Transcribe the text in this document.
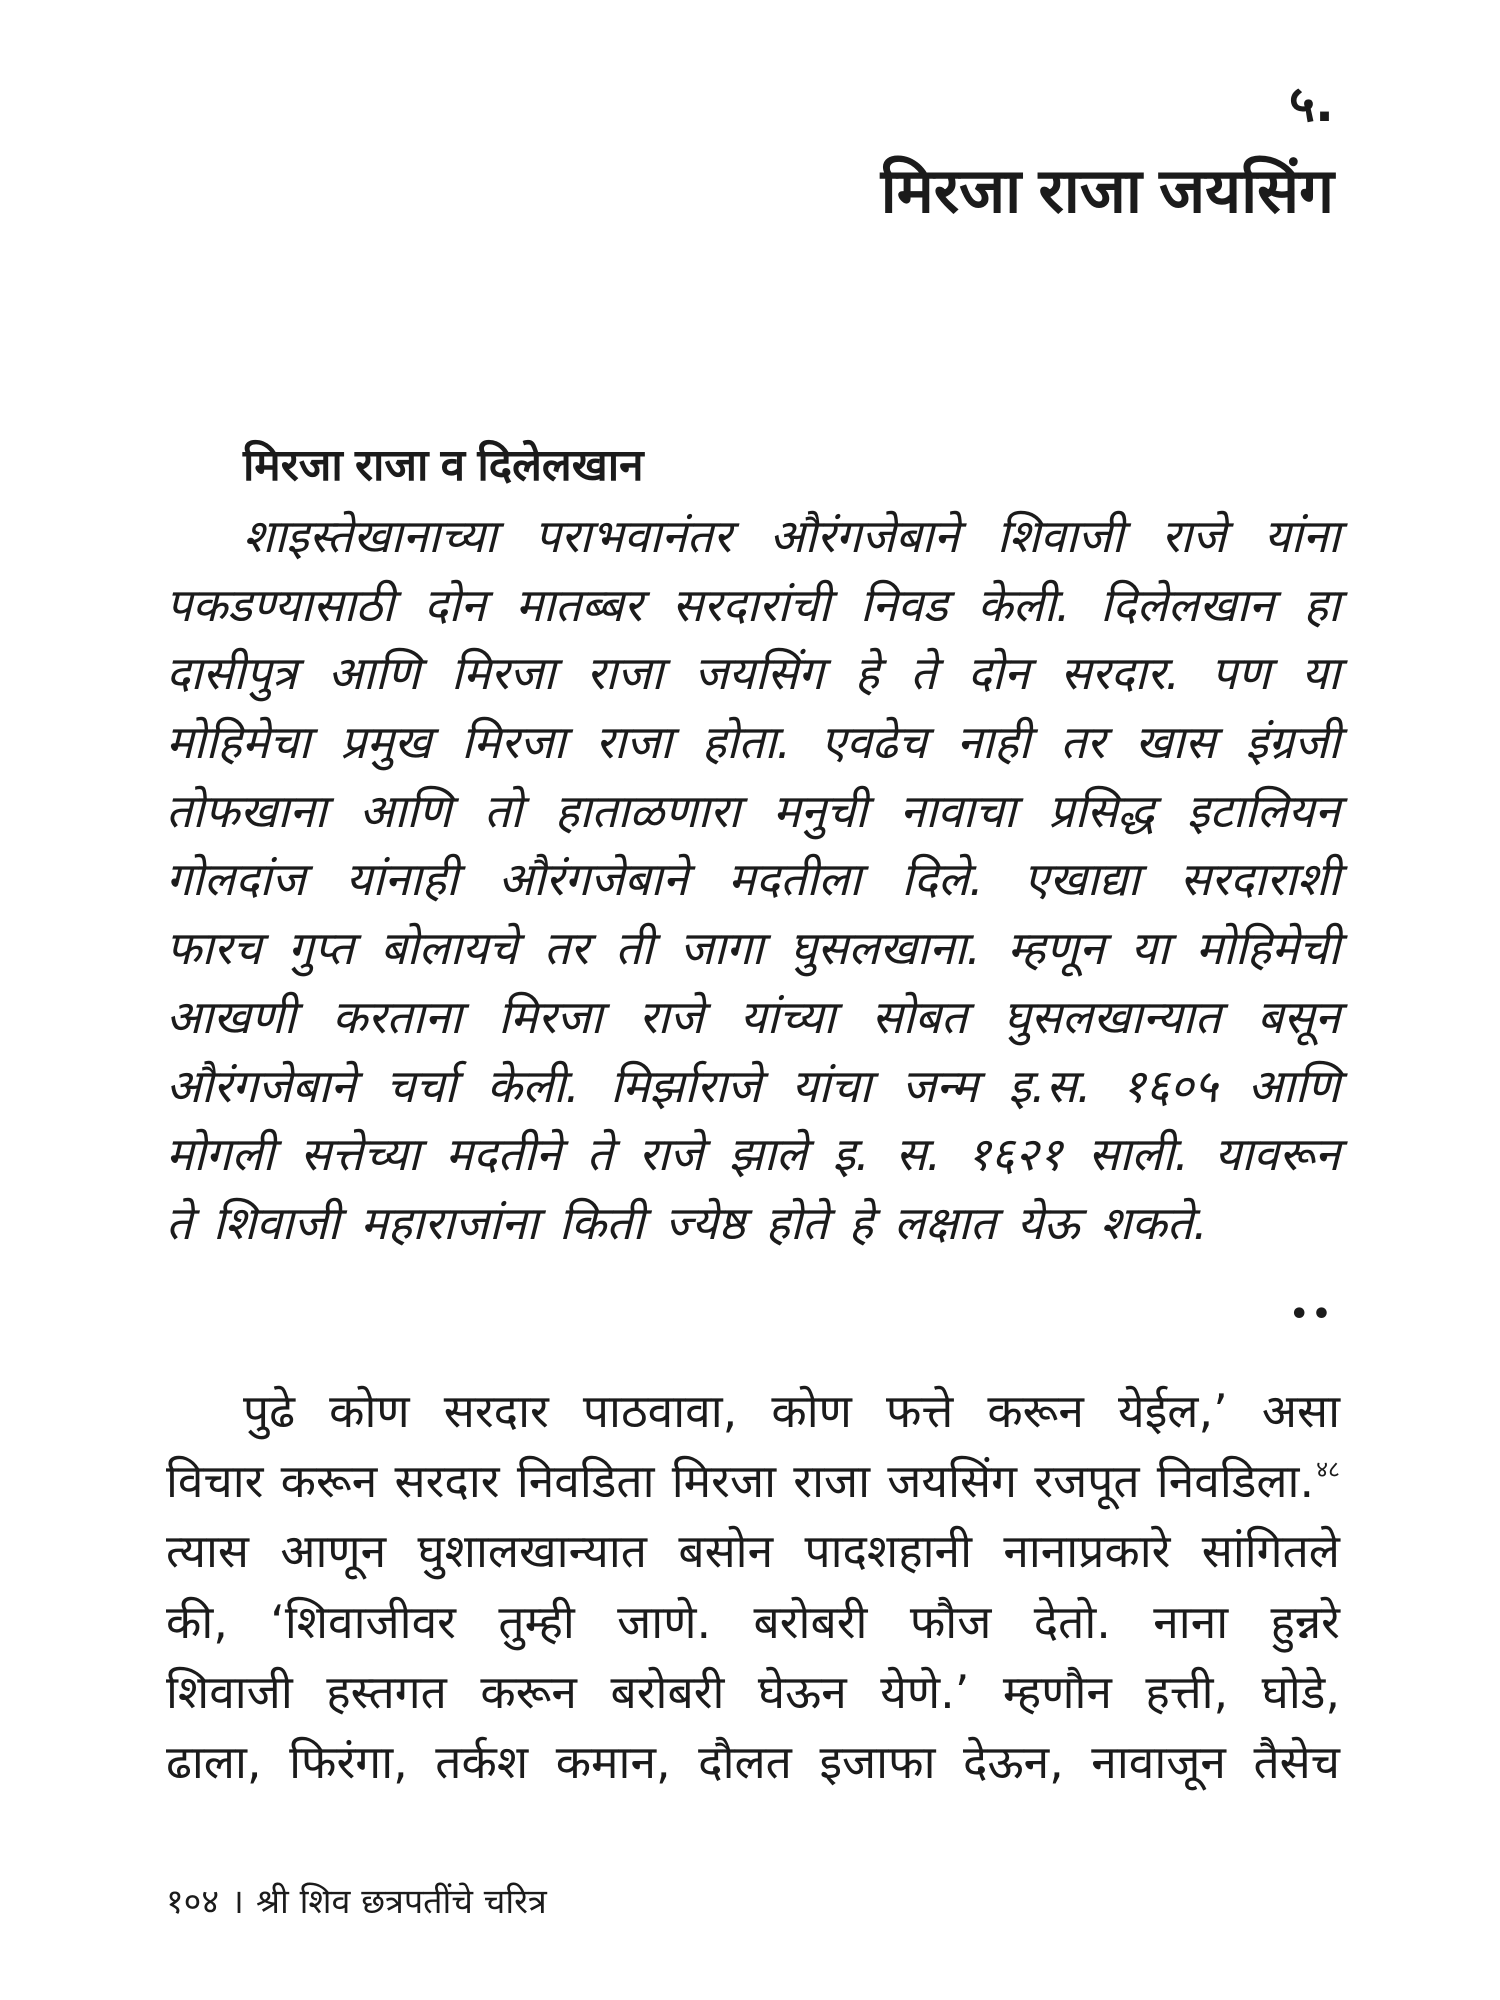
५.
मिरजा राजा जयसिंग
मिरजा राजा व दिलेलखान
शाइस्तेखानाच्या पराभवानंतर औरंगजेबाने शिवाजी राजे यांना
पकडण्यासाठी दोन मातब्बर सरदारांची निवड केली. दिलेलखान हा
दासीपुत्र आणि मिरजा राजा जयसिंग हे ते दोन सरदार. पण या
मोहिमेचा प्रमुख मिरजा राजा होता. एवढेच नाही तर खास इंग्रजी
तोफखाना आणि तो हाताळणारा मनुची नावाचा प्रसिद्ध इटालियन
गोलदांज यांनाही औरंगजेबाने मदतीला दिले. एखाद्या सरदाराशी
फारच गुप्त बोलायचे तर ती जागा घुसलखाना. म्हणून या मोहिमेची
आखणी करताना मिरजा राजे यांच्या सोबत घुसलखान्यात बसून
औरंगजेबाने चर्चा केली. मिर्झाराजे यांचा जन्म इ.स. १६०५ आणि
मोगली सत्तेच्या मदतीने ते राजे झाले इ. स. १६२१ साली. यावरून
ते शिवाजी महाराजांना किती ज्येष्ठ होते हे लक्षात येऊ शकते.
••
पुढे कोण सरदार पाठवावा, कोण फत्ते करून येईल,’ असा
विचार करून सरदार निवडिता मिरजा राजा जयसिंग रजपूत निवडिला.$^{४८}$
त्यास आणून घुशालखान्यात बसोन पादशहानी नानाप्रकारे सांगितले
की, ‘शिवाजीवर तुम्ही जाणे. बरोबरी फौज देतो. नाना हुन्नरे
शिवाजी हस्तगत करून बरोबरी घेऊन येणे.’ म्हणौन हत्ती, घोडे,
ढाला, फिरंगा, तर्कश कमान, दौलत इजाफा देऊन, नावाजून तैसेच
१०४ । श्री शिव छत्रपतींचे चरित्र
